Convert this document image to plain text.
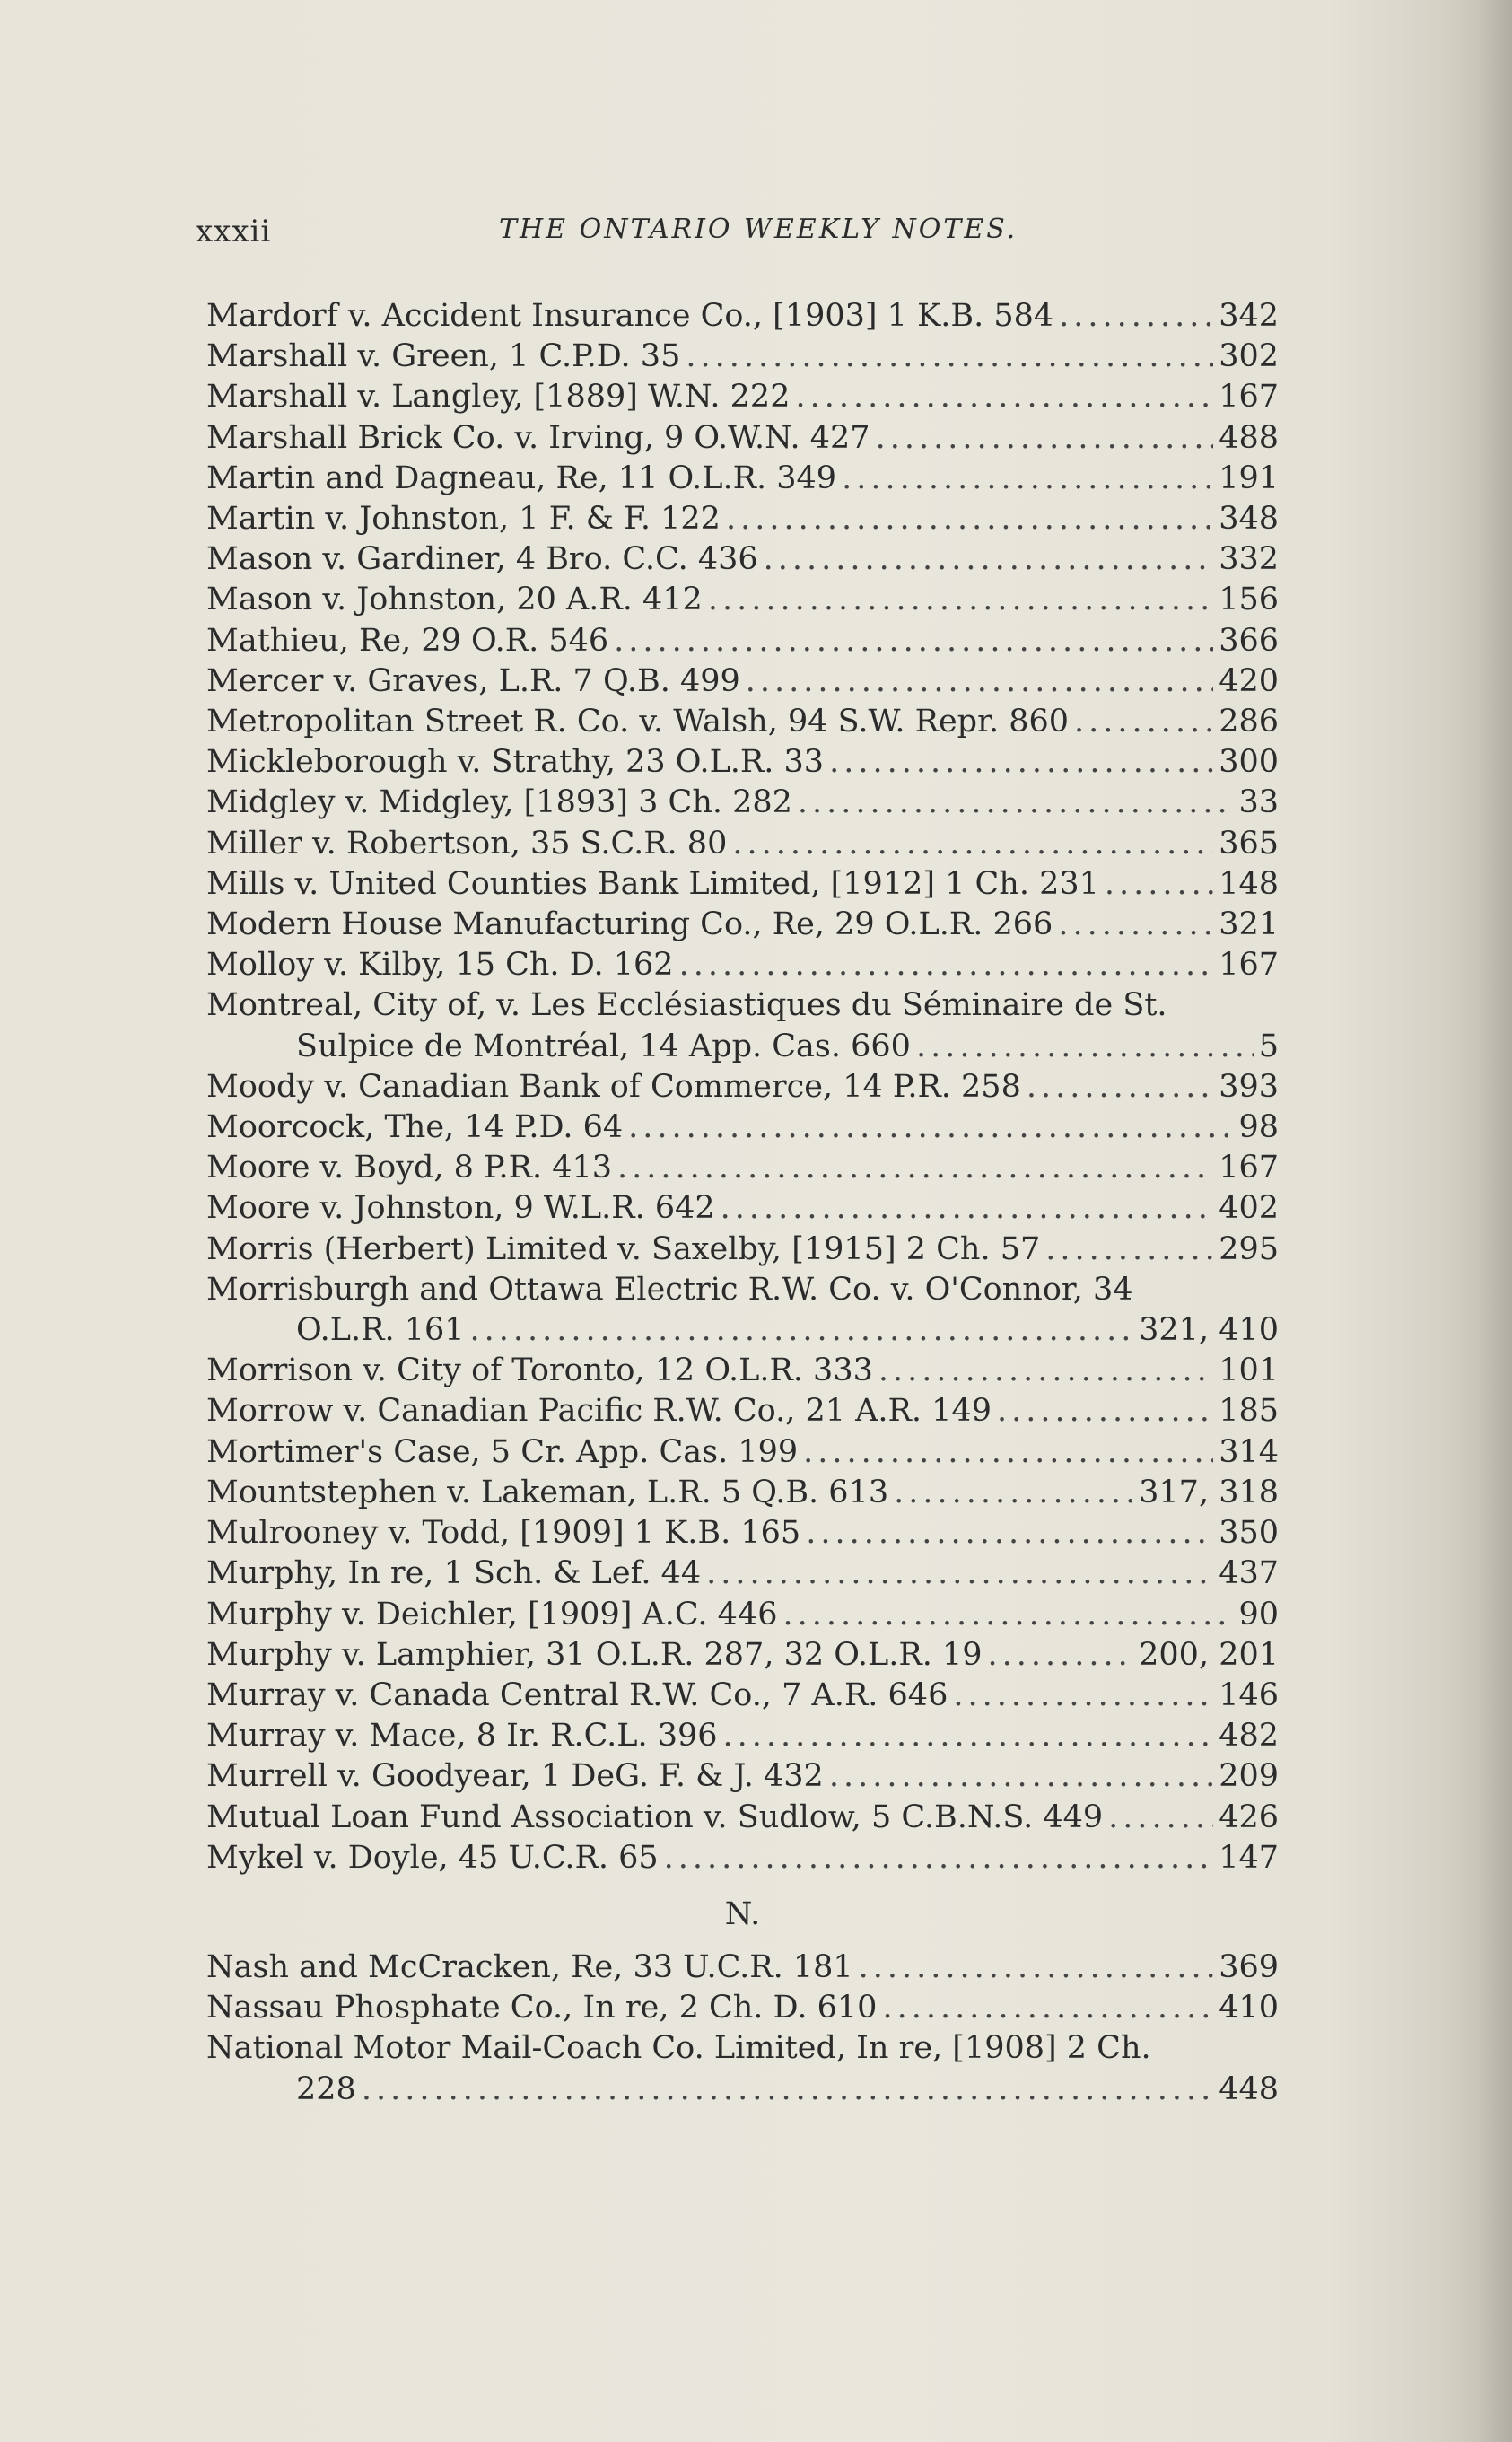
xxxii	THE ONTARIO WEEKLY NOTES.
Mardorf v. Accident Insurance Co., [1903] 1 K.B. 584 .....	342
Marshall v. Green, 1 C.P.D. 35 .....	302
Marshall v. Langley, [1889] W.N. 222 .....	167
Marshall Brick Co. v. Irving, 9 O.W.N. 427 .....	488
Martin and Dagneau, Re, 11 O.L.R. 349 .....	191
Martin v. Johnston, 1 F. & F. 122 .....	348
Mason v. Gardiner, 4 Bro. C.C. 436 .....	332
Mason v. Johnston, 20 A.R. 412 .....	156
Mathieu, Re, 29 O.R. 546 .....	366
Mercer v. Graves, L.R. 7 Q.B. 499 .....	420
Metropolitan Street R. Co. v. Walsh, 94 S.W. Repr. 860 .....	286
Mickleborough v. Strathy, 23 O.L.R. 33 .....	300
Midgley v. Midgley, [1893] 3 Ch. 282 .....	33
Miller v. Robertson, 35 S.C.R. 80 .....	365
Mills v. United Counties Bank Limited, [1912] 1 Ch. 231 .....	148
Modern House Manufacturing Co., Re, 29 O.L.R. 266 .....	321
Molloy v. Kilby, 15 Ch. D. 162 .....	167
Montreal, City of, v. Les Ecclésiastiques du Séminaire de St.
Sulpice de Montréal, 14 App. Cas. 660 .....	5
Moody v. Canadian Bank of Commerce, 14 P.R. 258 .....	393
Moorcock, The, 14 P.D. 64 .....	98
Moore v. Boyd, 8 P.R. 413 .....	167
Moore v. Johnston, 9 W.L.R. 642 .....	402
Morris (Herbert) Limited v. Saxelby, [1915] 2 Ch. 57 .....	295
Morrisburgh and Ottawa Electric R.W. Co. v. O'Connor, 34
O.L.R. 161 .....	321, 410
Morrison v. City of Toronto, 12 O.L.R. 333 .....	101
Morrow v. Canadian Pacific R.W. Co., 21 A.R. 149 .....	185
Mortimer's Case, 5 Cr. App. Cas. 199 .....	314
Mountstephen v. Lakeman, L.R. 5 Q.B. 613 .....	317, 318
Mulrooney v. Todd, [1909] 1 K.B. 165 .....	350
Murphy, In re, 1 Sch. & Lef. 44 .....	437
Murphy v. Deichler, [1909] A.C. 446 .....	90
Murphy v. Lamphier, 31 O.L.R. 287, 32 O.L.R. 19 .....	200, 201
Murray v. Canada Central R.W. Co., 7 A.R. 646 .....	146
Murray v. Mace, 8 Ir. R.C.L. 396 .....	482
Murrell v. Goodyear, 1 DeG. F. & J. 432 .....	209
Mutual Loan Fund Association v. Sudlow, 5 C.B.N.S. 449 .....	426
Mykel v. Doyle, 45 U.C.R. 65 .....	147
N.
Nash and McCracken, Re, 33 U.C.R. 181 .....	369
Nassau Phosphate Co., In re, 2 Ch. D. 610 .....	410
National Motor Mail-Coach Co. Limited, In re, [1908] 2 Ch.
228 .....	448
